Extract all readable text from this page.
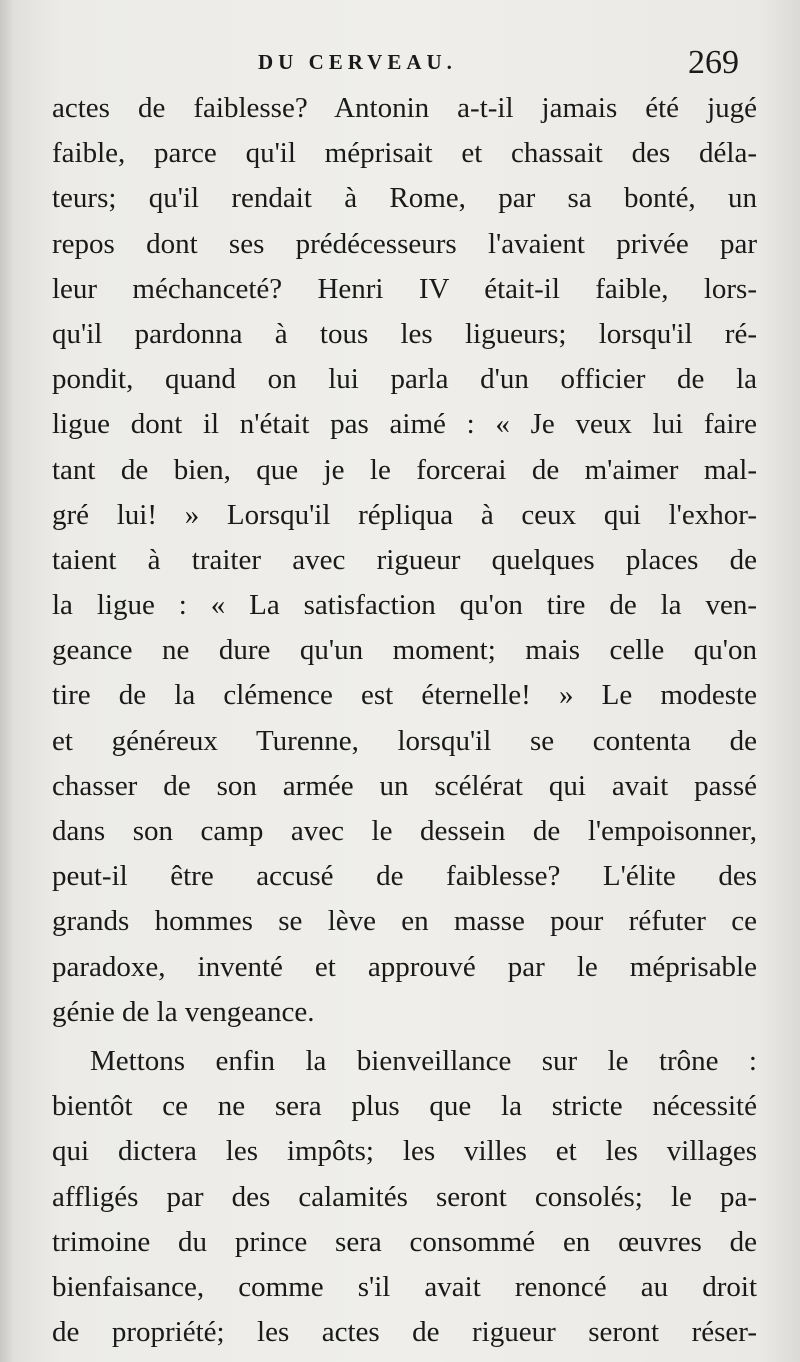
DU CERVEAU.	269
actes de faiblesse? Antonin a-t-il jamais été jugé
faible, parce qu'il méprisait et chassait des déla-
teurs; qu'il rendait à Rome, par sa bonté, un
repos dont ses prédécesseurs l'avaient privée par
leur méchanceté? Henri IV était-il faible, lors-
qu'il pardonna à tous les ligueurs; lorsqu'il ré-
pondit, quand on lui parla d'un officier de la
ligue dont il n'était pas aimé : « Je veux lui faire
tant de bien, que je le forcerai de m'aimer mal-
gré lui! » Lorsqu'il répliqua à ceux qui l'exhor-
taient à traiter avec rigueur quelques places de
la ligue : « La satisfaction qu'on tire de la ven-
geance ne dure qu'un moment; mais celle qu'on
tire de la clémence est éternelle! » Le modeste
et généreux Turenne, lorsqu'il se contenta de
chasser de son armée un scélérat qui avait passé
dans son camp avec le dessein de l'empoisonner,
peut-il être accusé de faiblesse? L'élite des
grands hommes se lève en masse pour réfuter ce
paradoxe, inventé et approuvé par le méprisable
génie de la vengeance.
Mettons enfin la bienveillance sur le trône :
bientôt ce ne sera plus que la stricte nécessité
qui dictera les impôts; les villes et les villages
affligés par des calamités seront consolés; le pa-
trimoine du prince sera consommé en œuvres de
bienfaisance, comme s'il avait renoncé au droit
de propriété; les actes de rigueur seront réser-
